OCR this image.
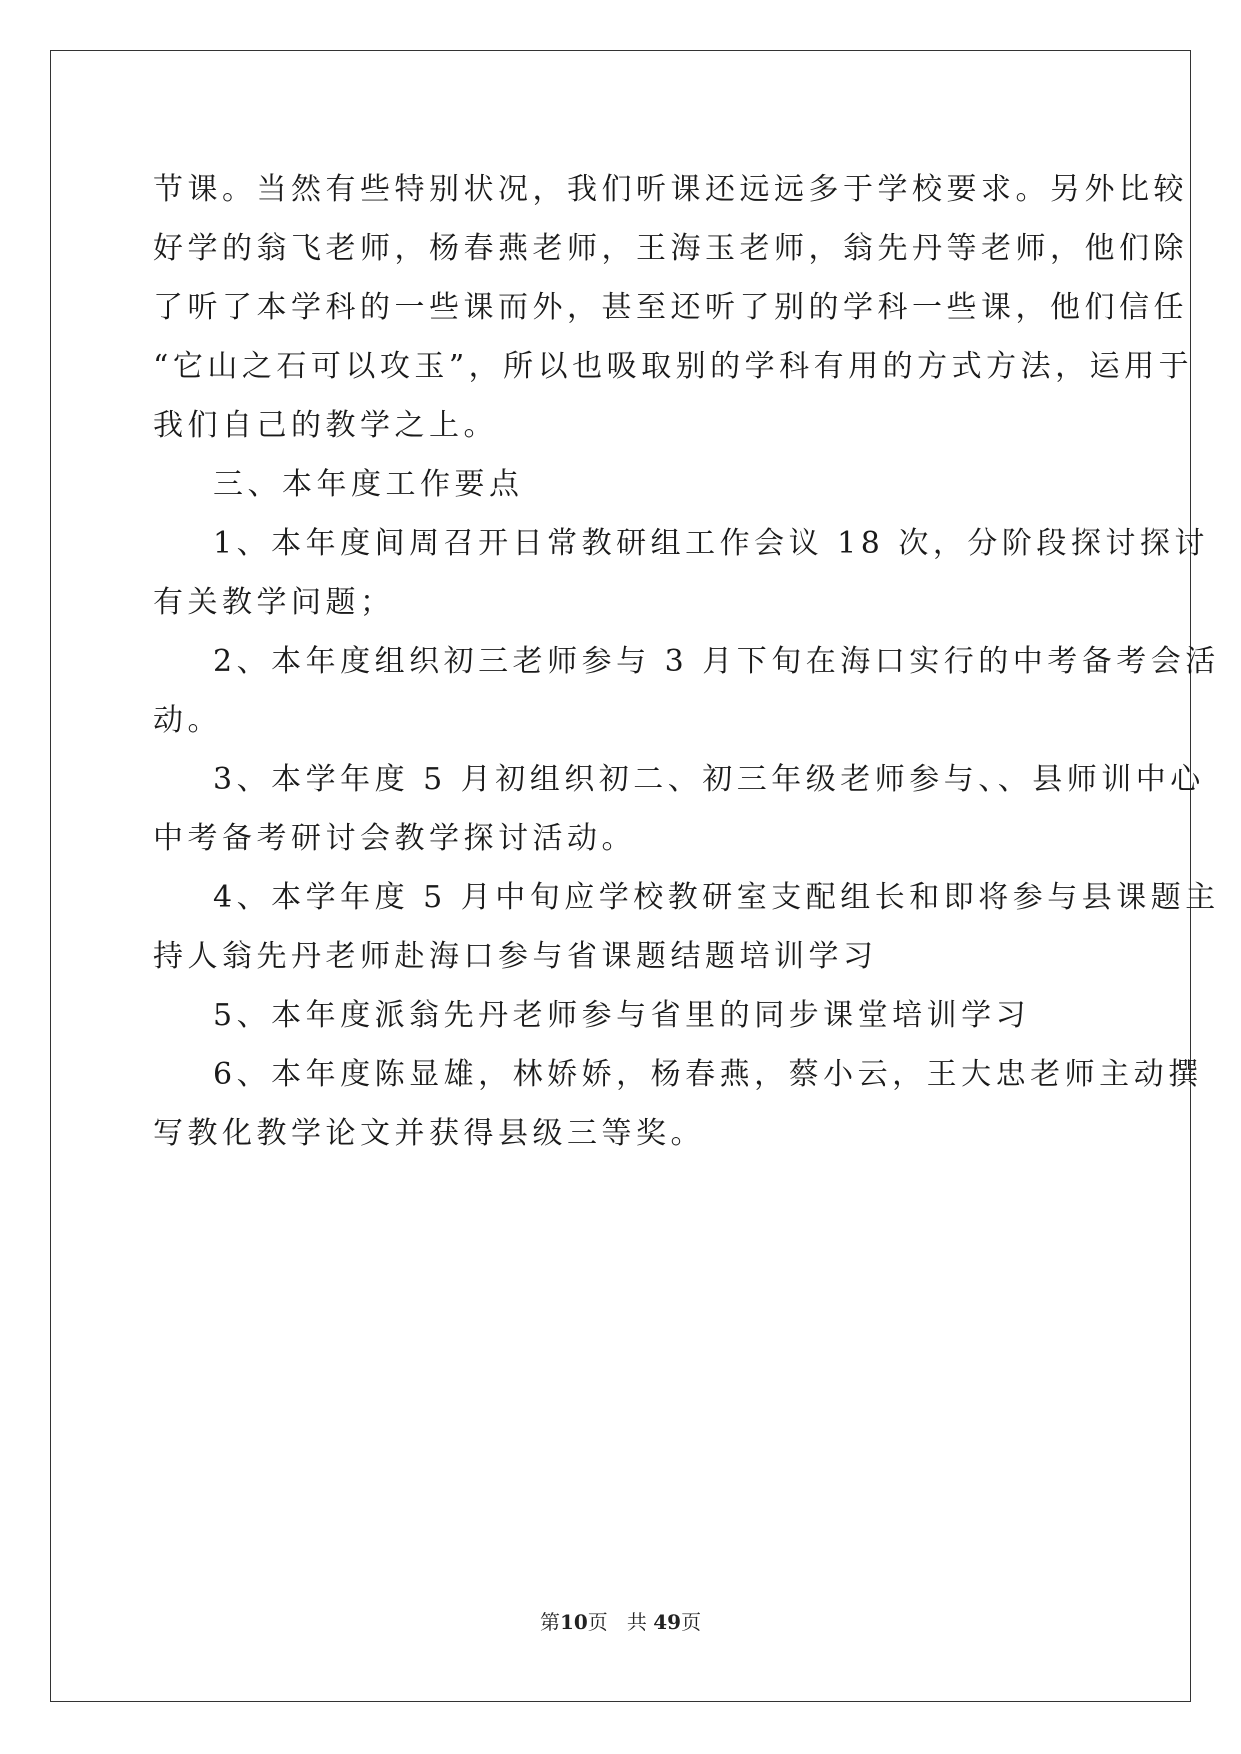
节课。当然有些特别状况，我们听课还远远多于学校要求。另外比较
好学的翁飞老师，杨春燕老师，王海玉老师，翁先丹等老师，他们除
了听了本学科的一些课而外，甚至还听了别的学科一些课，他们信任
“它山之石可以攻玉”，所以也吸取别的学科有用的方式方法，运用于
我们自己的教学之上。
三、本年度工作要点
1、本年度间周召开日常教研组工作会议 18 次，分阶段探讨探讨
有关教学问题；
2、本年度组织初三老师参与 3 月下旬在海口实行的中考备考会活
动。
3、本学年度 5 月初组织初二、初三年级老师参与、、县师训中心
中考备考研讨会教学探讨活动。
4、本学年度 5 月中旬应学校教研室支配组长和即将参与县课题主
持人翁先丹老师赴海口参与省课题结题培训学习
5、本年度派翁先丹老师参与省里的同步课堂培训学习
6、本年度陈显雄，林娇娇，杨春燕，蔡小云，王大忠老师主动撰
写教化教学论文并获得县级三等奖。
第10页 共 49页
